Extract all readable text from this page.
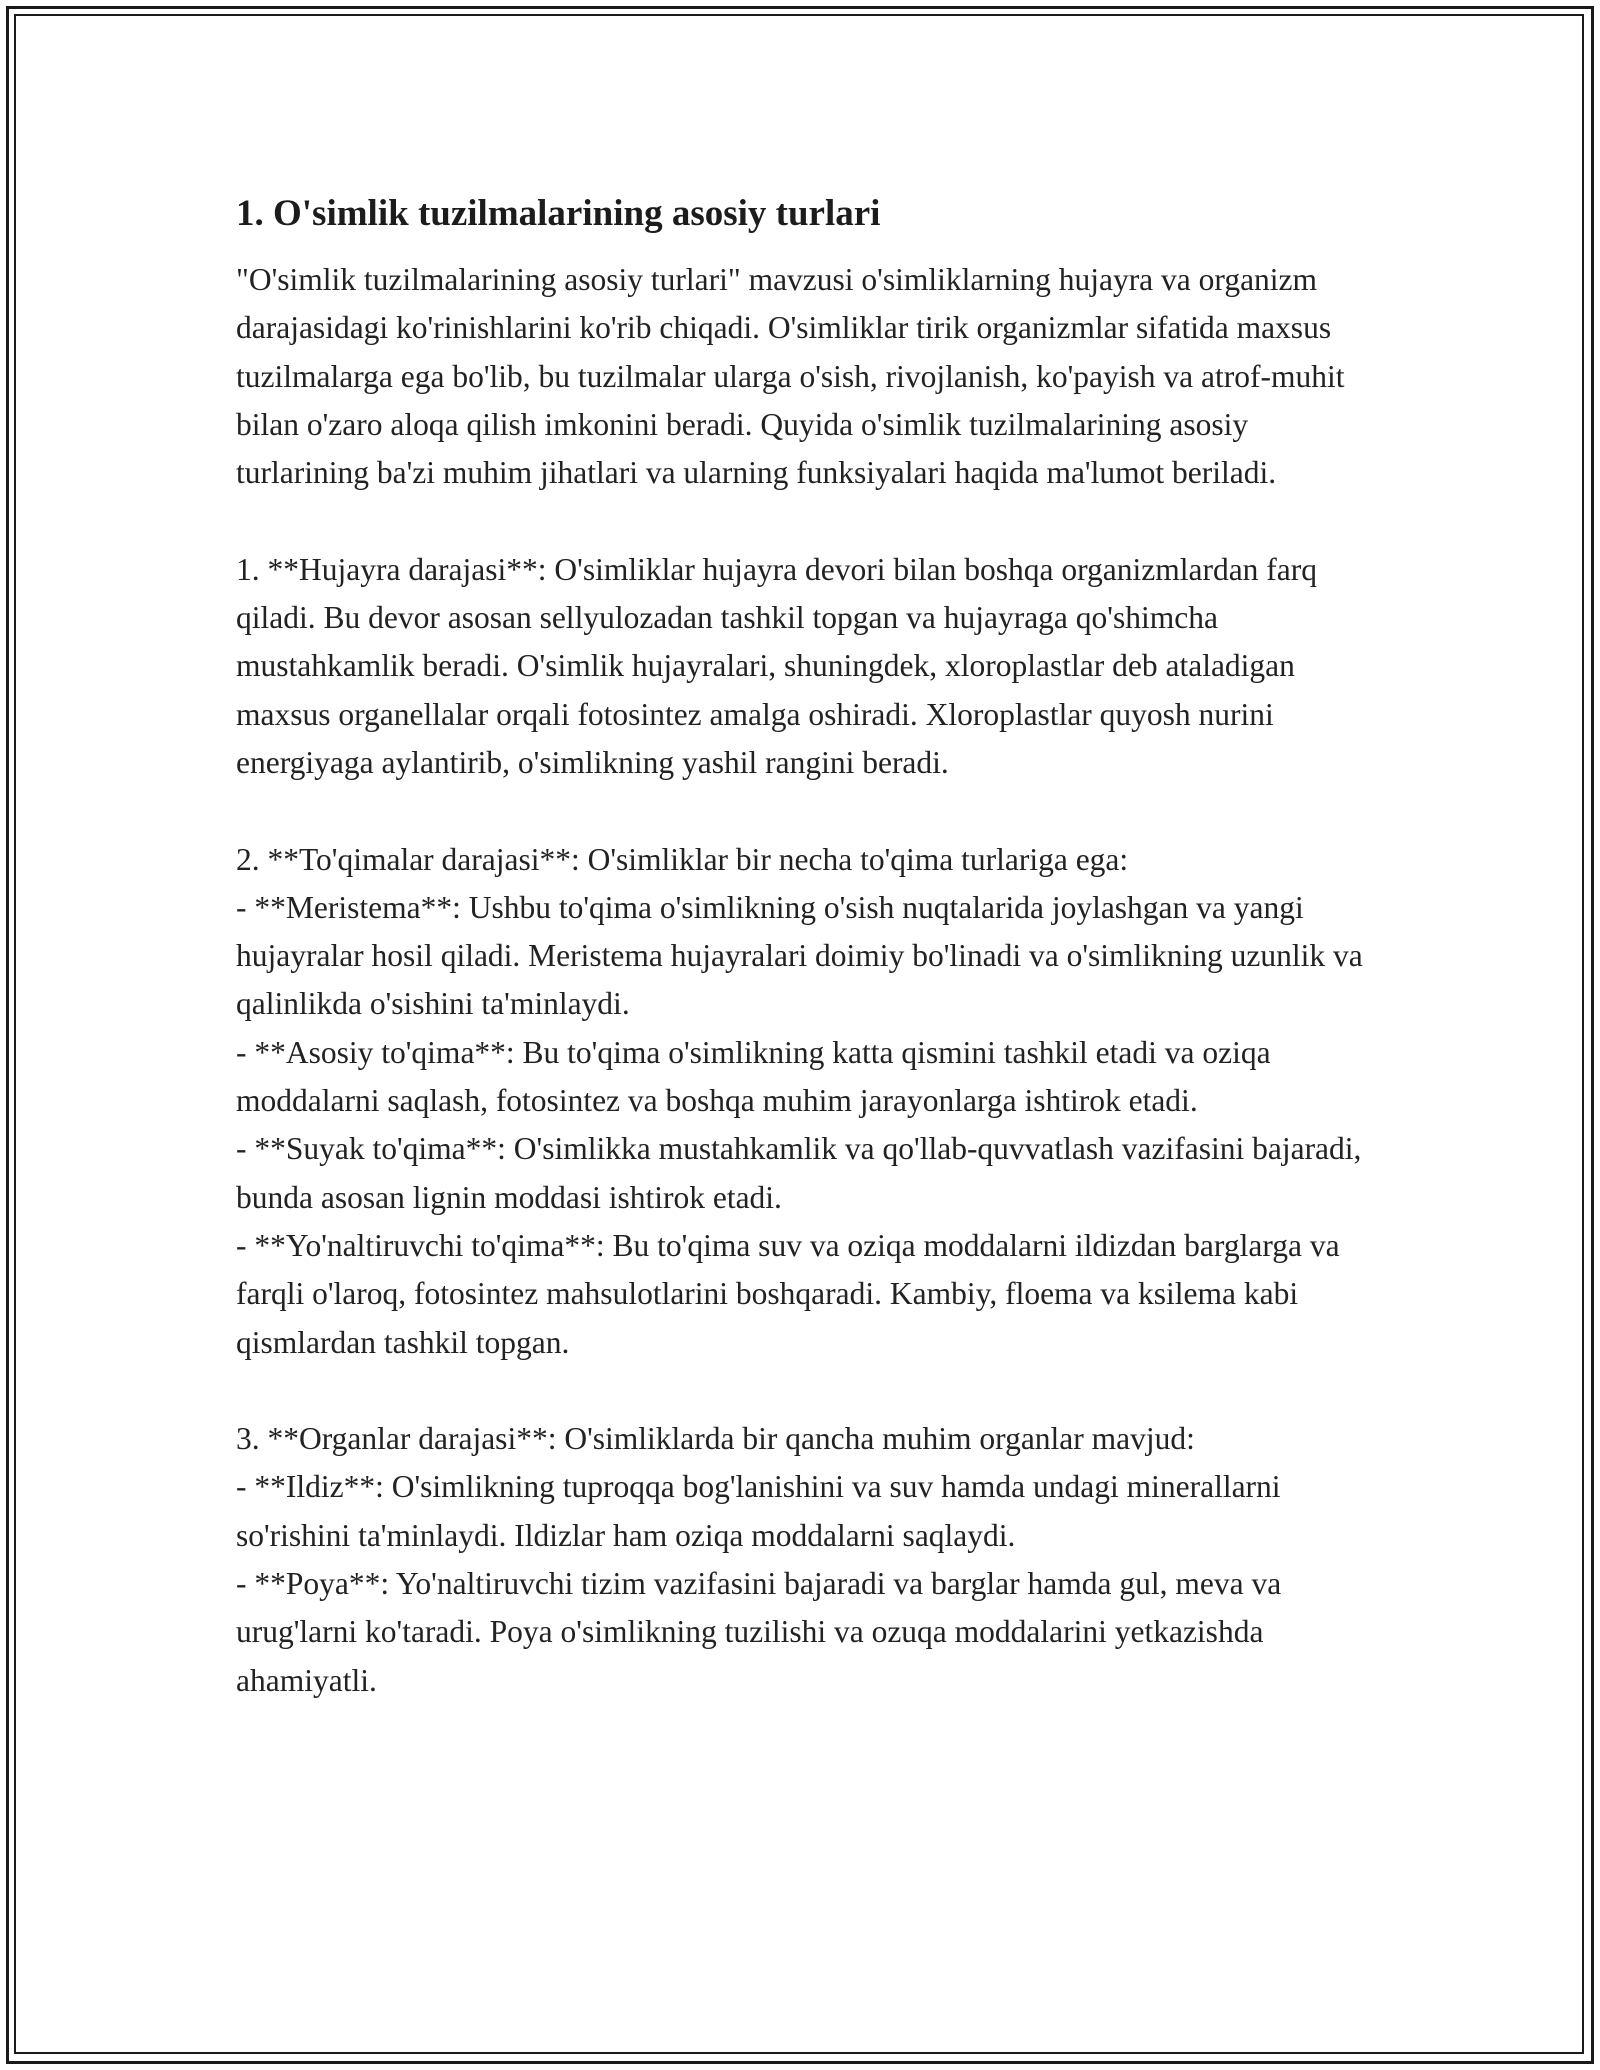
1. O'simlik tuzilmalarining asosiy turlari

"O'simlik tuzilmalarining asosiy turlari" mavzusi o'simliklarning hujayra va organizm darajasidagi ko'rinishlarini ko'rib chiqadi. O'simliklar tirik organizmlar sifatida maxsus tuzilmalarga ega bo'lib, bu tuzilmalar ularga o'sish, rivojlanish, ko'payish va atrof-muhit bilan o'zaro aloqa qilish imkonini beradi. Quyida o'simlik tuzilmalarining asosiy turlarining ba'zi muhim jihatlari va ularning funksiyalari haqida ma'lumot beriladi.

1. **Hujayra darajasi**: O'simliklar hujayra devori bilan boshqa organizmlardan farq qiladi. Bu devor asosan sellyulozadan tashkil topgan va hujayraga qo'shimcha mustahkamlik beradi. O'simlik hujayralari, shuningdek, xloroplastlar deb ataladigan maxsus organellalar orqali fotosintez amalga oshiradi. Xloroplastlar quyosh nurini energiyaga aylantirib, o'simlikning yashil rangini beradi.

2. **To'qimalar darajasi**: O'simliklar bir necha to'qima turlariga ega:
- **Meristema**: Ushbu to'qima o'simlikning o'sish nuqtalarida joylashgan va yangi hujayralar hosil qiladi. Meristema hujayralari doimiy bo'linadi va o'simlikning uzunlik va qalinlikda o'sishini ta'minlaydi.
- **Asosiy to'qima**: Bu to'qima o'simlikning katta qismini tashkil etadi va oziqa moddalarni saqlash, fotosintez va boshqa muhim jarayonlarga ishtirok etadi.
- **Suyak to'qima**: O'simlikka mustahkamlik va qo'llab-quvvatlash vazifasini bajaradi, bunda asosan lignin moddasi ishtirok etadi.
- **Yo'naltiruvchi to'qima**: Bu to'qima suv va oziqa moddalarni ildizdan barglarga va farqli o'laroq, fotosintez mahsulotlarini boshqaradi. Kambiy, floema va ksilema kabi qismlardan tashkil topgan.

3. **Organlar darajasi**: O'simliklarda bir qancha muhim organlar mavjud:
- **Ildiz**: O'simlikning tuproqqa bog'lanishini va suv hamda undagi minerallarni so'rishini ta'minlaydi. Ildizlar ham oziqa moddalarni saqlaydi.
- **Poya**: Yo'naltiruvchi tizim vazifasini bajaradi va barglar hamda gul, meva va urug'larni ko'taradi. Poya o'simlikning tuzilishi va ozuqa moddalarini yetkazishda ahamiyatli.
